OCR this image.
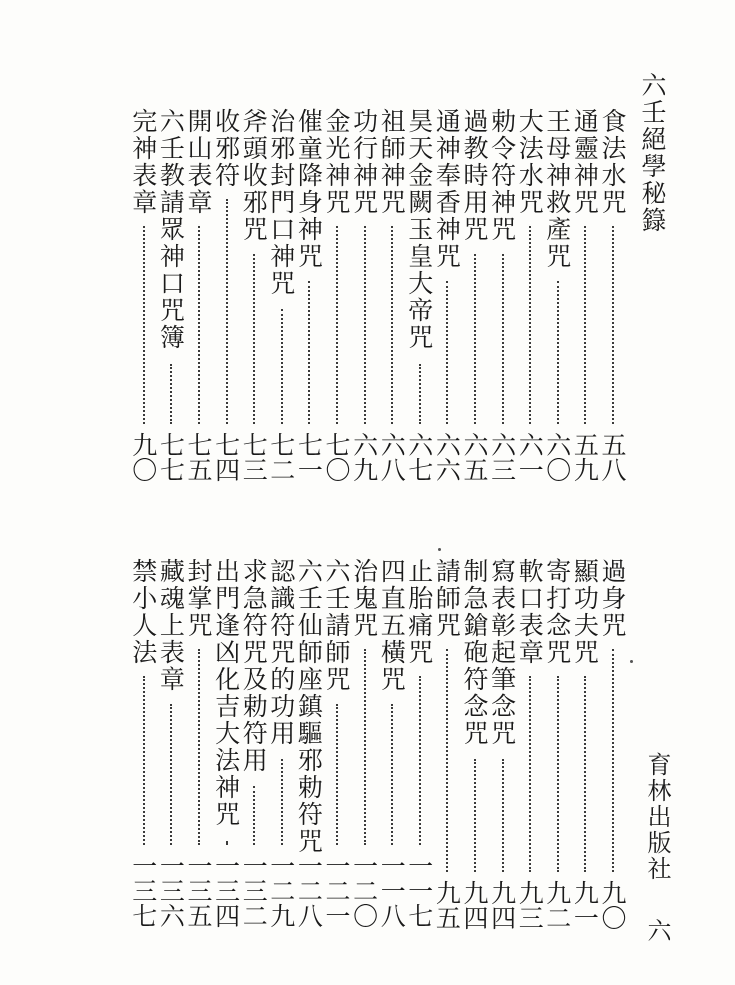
六壬絕學秘籙
育林出版社
六
食法水咒
五八
通靈神咒
五九
王母神救產咒
六〇
大法水咒
六一
勅令符神咒
六三
過教時用咒
六五
通神奉香神咒
六六
昊天金闕玉皇大帝咒
六七
祖師神咒
六八
功行神咒
六九
金光神咒
七〇
催童降身神咒
七一
治邪封門口神咒
七二
斧頭收邪咒
七三
收邪符
七四
開山表章
七五
六壬教請眾神口咒簿
七七
完神表章
九〇
過身咒
九〇
顯功夫咒
九一
寄打念咒
九二
軟口表章
九三
寫表彰起筆念咒
九四
制急鎗砲符念咒
九四
請師咒
九五
止胎痛咒
一一七
四直五橫咒
一一八
治鬼咒
一二〇
六壬請師咒
一二一
六壬仙師座鎮驅邪勅符咒
一二八
認識符咒的功用
一二九
求急符咒及勅符用
一三二
出門逢凶化吉大法神咒
一三四
封掌咒
一三五
藏魂上表章
一三六
禁小人法
一三七
